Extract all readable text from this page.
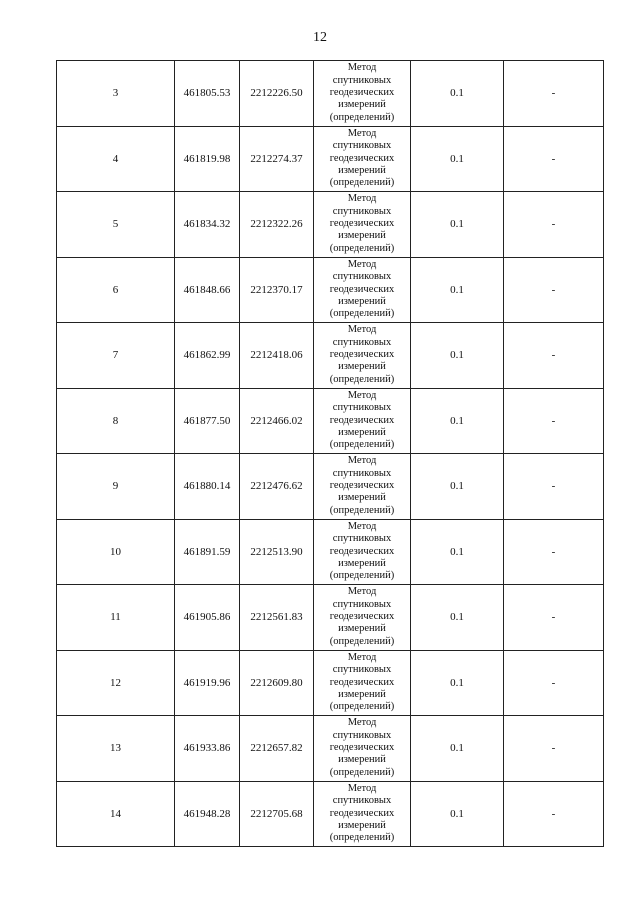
12
3	461805.53	2212226.50	Метод
спутниковых
геодезических
измерений
(определений)	0.1	-
4	461819.98	2212274.37	Метод
спутниковых
геодезических
измерений
(определений)	0.1	-
5	461834.32	2212322.26	Метод
спутниковых
геодезических
измерений
(определений)	0.1	-
6	461848.66	2212370.17	Метод
спутниковых
геодезических
измерений
(определений)	0.1	-
7	461862.99	2212418.06	Метод
спутниковых
геодезических
измерений
(определений)	0.1	-
8	461877.50	2212466.02	Метод
спутниковых
геодезических
измерений
(определений)	0.1	-
9	461880.14	2212476.62	Метод
спутниковых
геодезических
измерений
(определений)	0.1	-
10	461891.59	2212513.90	Метод
спутниковых
геодезических
измерений
(определений)	0.1	-
11	461905.86	2212561.83	Метод
спутниковых
геодезических
измерений
(определений)	0.1	-
12	461919.96	2212609.80	Метод
спутниковых
геодезических
измерений
(определений)	0.1	-
13	461933.86	2212657.82	Метод
спутниковых
геодезических
измерений
(определений)	0.1	-
14	461948.28	2212705.68	Метод
спутниковых
геодезических
измерений
(определений)	0.1	-
